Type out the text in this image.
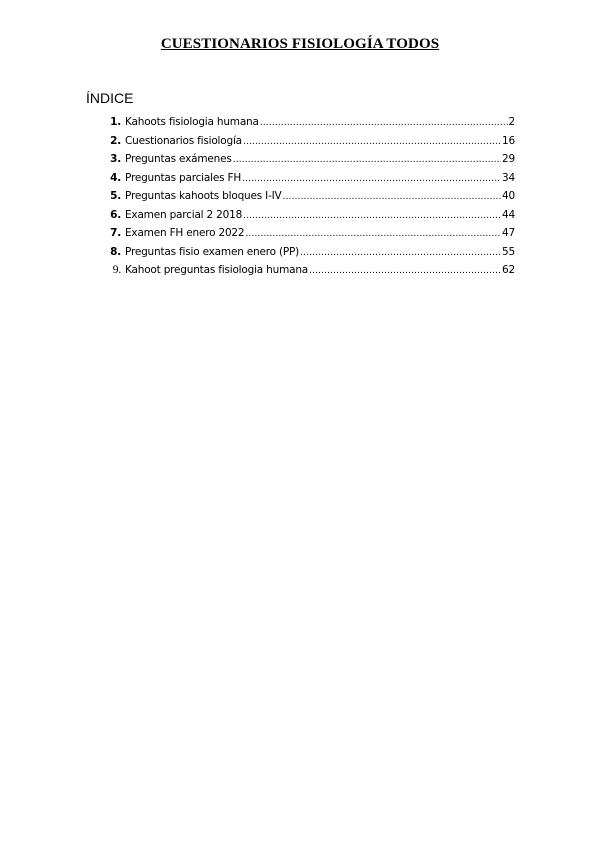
CUESTIONARIOS FISIOLOGÍA TODOS
ÍNDICE
1. Kahoots fisiologia humana ……………………………………………………………………………………………………………………………………………………	2
2. Cuestionarios fisiología ……………………………………………………………………………………………………………………………………………………	16
3. Preguntas exámenes ……………………………………………………………………………………………………………………………………………………	29
4. Preguntas parciales FH ……………………………………………………………………………………………………………………………………………………	34
5. Preguntas kahoots bloques I-IV ……………………………………………………………………………………………………………………………………………………	40
6. Examen parcial 2 2018 ……………………………………………………………………………………………………………………………………………………	44
7. Examen FH enero 2022 ……………………………………………………………………………………………………………………………………………………	47
8. Preguntas fisio examen enero (PP) ……………………………………………………………………………………………………………………………………………………	55
9. Kahoot preguntas fisiologia humana ……………………………………………………………………………………………………………………………………………………	62
